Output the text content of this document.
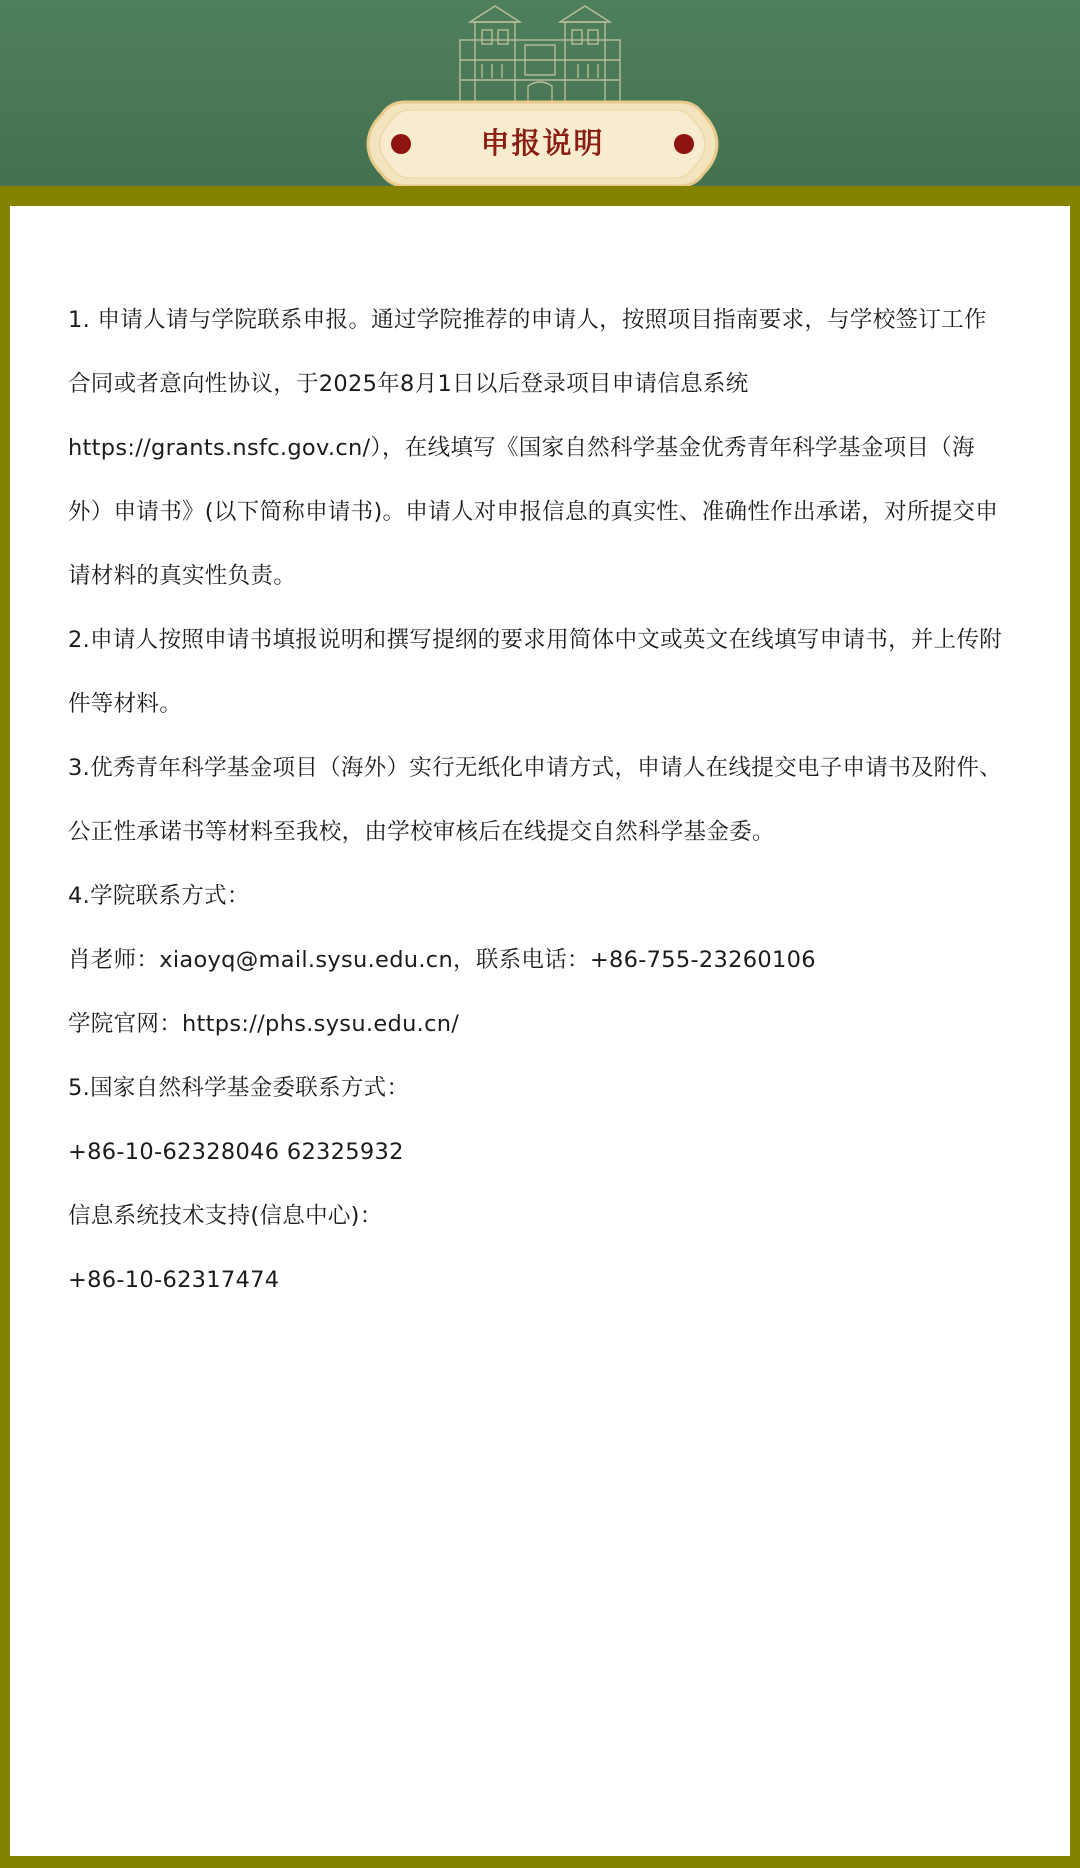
申报说明

1. 申请人请与学院联系申报。通过学院推荐的申请人，按照项目指南要求，与学校签订工作合同或者意向性协议，于2025年8月1日以后登录项目申请信息系统https://grants.nsfc.gov.cn/），在线填写《国家自然科学基金优秀青年科学基金项目（海外）申请书》(以下简称申请书)。申请人对申报信息的真实性、准确性作出承诺，对所提交申请材料的真实性负责。

2.申请人按照申请书填报说明和撰写提纲的要求用简体中文或英文在线填写申请书，并上传附件等材料。

3.优秀青年科学基金项目（海外）实行无纸化申请方式，申请人在线提交电子申请书及附件、公正性承诺书等材料至我校，由学校审核后在线提交自然科学基金委。

4.学院联系方式：

肖老师：xiaoyq@mail.sysu.edu.cn，联系电话：+86-755-23260106

学院官网：https://phs.sysu.edu.cn/

5.国家自然科学基金委联系方式：

+86-10-62328046 62325932

信息系统技术支持(信息中心)：

+86-10-62317474
